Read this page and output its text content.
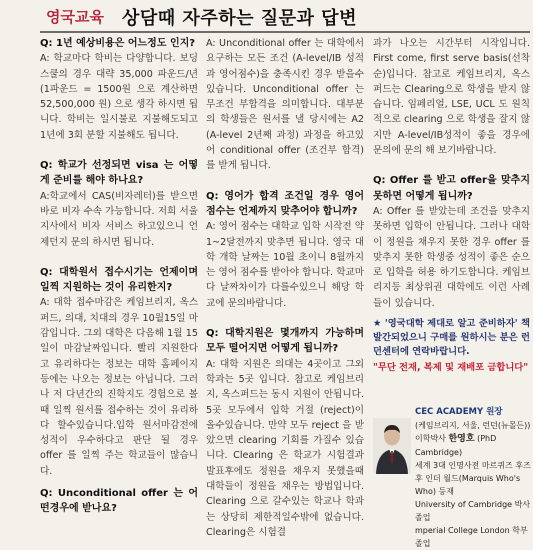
영국교육 상담때 자주하는 질문과 답변

Q: 1년 예상비용은 어느정도 인지?

A: 학교마다 학비는 다양합니다. 보딩 스쿨의 경우 대략 35,000 파운드/년(1파운드 = 1500원 으로 계산하면 52,500,000 원) 으로 생각 하시면 됩니다. 학비는 일시불로 지불해도되고 1년에 3회 분할 지불해도 됩니다.

Q: 학교가 선정되면 visa 는 어떻게 준비를 해야 하나요?

A:학교에서 CAS(비자레터)를 받으면 바로 비자 수속 가능합니다. 저희 서울지사에서 비자 서비스 하고있으니 언제던지 문의 하시면 됩니다.

Q: 대학원서 접수시기는 언제이며 일찍 지원하는 것이 유리한지?

A: 대학 접수마감은 케임브리지, 옥스퍼드, 의대, 치대의 경우 10월15일 마감입니다. 그외 대학은 다음해 1월 15일이 마감날짜입니다. 빨리 지원한다고 유리하다는 정보는 대학 홈페이지등에는 나오는 정보는 아닙니다. 그러나 저 다년간의 진학지도 경험으로 볼때 일찍 원서를 접수하는 것이 유리하다 할수있습니다.입학 원서마감전에 성적이 우수하다고 판단 될 경우 offer 를 일찍 주는 학교들이 많습니다.

Q: Unconditional offer 는 어떤경우에 받나요?

A: Unconditional offer 는 대학에서 요구하는 모든 조건 (A-level/IB 성적과 영어점수)을 충족시킨 경우 받을수 있습니다. Unconditional offer 는 무조건 부합격을 의미합니다. 대부분의 학생들은 원서를 낼 당시에는 A2 (A-level 2년째 과정) 과정을 하고있어 conditional offer (조건부 합격)를 받게 됩니다.

Q: 영어가 합격 조건일 경우 영어 점수는 언제까지 맞추어야 합니까?

A: 영어 점수는 대학교 입학 시작전 약 1~2달전까지 맞추면 됩니다. 영국 대학 개학 날짜는 10월 초이니 8월까지는 영어 점수를 받아야 합니다. 학교마다 날짜차이가 다를수있으니 해당 학교에 문의바랍니다.

Q: 대학지원은 몇개까지 가능하며 모두 떨어지면 어떻게 됩니까?

A: 대학 지원은 의대는 4곳이고 그외 학과는 5곳 입니다. 참고로 케임브리지, 옥스퍼드는 동시 지원이 안됩니다. 5곳 모두에서 입학 거절 (reject)이 올수있습니다. 만약 모두 reject 을 받았으면 clearing 기회를 가질수 있습니다. Clearing 은 학교가 시험결과 발표후에도 정원을 채우지 못했을때 대학들이 정원을 채우는 방법입니다. Clearing 으로 갈수있는 학교나 학과는 상당히 제한적일수밖에 없습니다. Clearing은 시험결

과가 나오는 시간부터 시작입니다. First come, first serve basis(선착순)입니다. 참고로 케임브리지, 옥스퍼드는 Clearing으로 학생을 받지 않습니다. 임페리얼, LSE, UCL 도 원칙적으로 clearing 으로 학생을 잘지 않지만 A-level/IB성적이 좋을 경우에 문의에 문의 해 보기바랍니다.

Q: Offer 를 받고 offer을 맞추지 못하면 어떻게 됩니까?

A: Offer 를 받았는데 조건을 맞추지 못하면 입학이 안됩니다. 그러나 대학이 정원을 채우지 못한 경우 offer 를 맞추지 못한 학생중 성적이 좋은 순으로 입학을 허용 하기도합니다. 케임브리지등 최상위권 대학에도 이런 사례들이 있습니다.

★ '영국대학 제대로 알고 준비하자' 책 발간되었으니 구매를 원하시는 분은 런던센터에 연락바랍니다.

"무단 전재, 복제 및 재배포 금합니다"

CEC ACADEMY 원장
(케임브리지, 서울, 런던(뉴몰든))
이학박사 한영호 (PhD Cambridge)
세계 3대 인명사전 마르퀴즈 후즈후 인더 월드(Marquis Who's Who) 등재
University of Cambridge 박사 졸업
mperial College London 학부 졸업
